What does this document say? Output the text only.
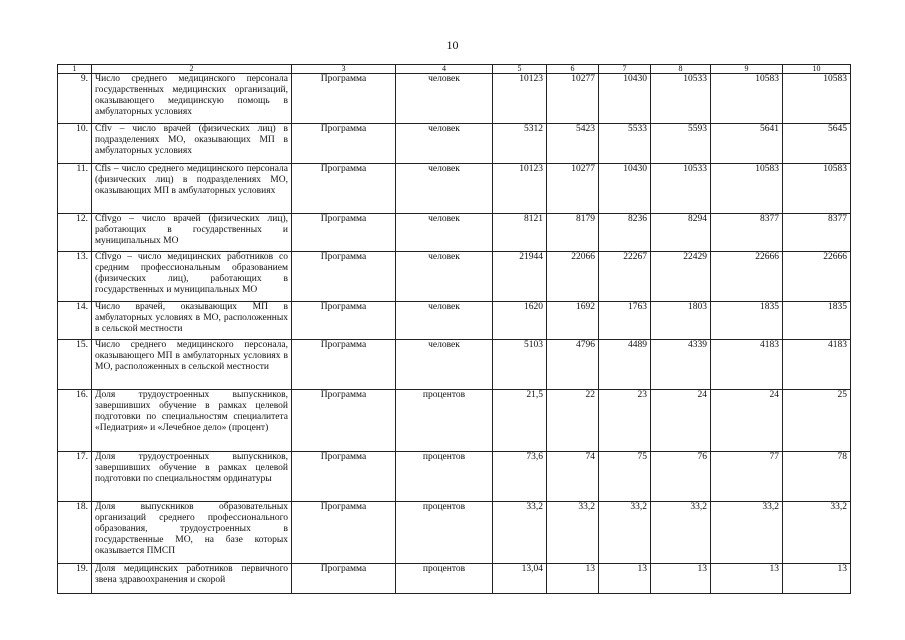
10
1	2	3	4	5	6	7	8	9	10
9.	Число среднего медицинского персонала государственных медицинских организаций, оказывающего медицинскую помощь в амбулаторных условиях	Программа	человек	10123	10277	10430	10533	10583	10583
10.	Cflv – число врачей (физических лиц) в подразделениях МО, оказывающих МП в амбулаторных условиях	Программа	человек	5312	5423	5533	5593	5641	5645
11.	Cfls – число среднего медицинского персонала (физических лиц) в подразделениях МО, оказывающих МП в амбулаторных условиях	Программа	человек	10123	10277	10430	10533	10583	10583
12.	Cflvgo – число врачей (физических лиц), работающих в государственных и муниципальных МО	Программа	человек	8121	8179	8236	8294	8377	8377
13.	Cflvgo – число медицинских работников со средним профессиональным образованием (физических лиц), работающих в государственных и муниципальных МО	Программа	человек	21944	22066	22267	22429	22666	22666
14.	Число врачей, оказывающих МП в амбулаторных условиях в МО, расположенных в сельской местности	Программа	человек	1620	1692	1763	1803	1835	1835
15.	Число среднего медицинского персонала, оказывающего МП в амбулаторных условиях в МО, расположенных в сельской местности	Программа	человек	5103	4796	4489	4339	4183	4183
16.	Доля трудоустроенных выпускников, завершивших обучение в рамках целевой подготовки по специальностям специалитета «Педиатрия» и «Лечебное дело» (процент)	Программа	процентов	21,5	22	23	24	24	25
17.	Доля трудоустроенных выпускников, завершивших обучение в рамках целевой подготовки по специальностям ординатуры	Программа	процентов	73,6	74	75	76	77	78
18.	Доля выпускников образовательных организаций среднего профессионального образования, трудоустроенных в государственные МО, на базе которых оказывается ПМСП	Программа	процентов	33,2	33,2	33,2	33,2	33,2	33,2
19.	Доля медицинских работников первичного звена здравоохранения и скорой	Программа	процентов	13,04	13	13	13	13	13
